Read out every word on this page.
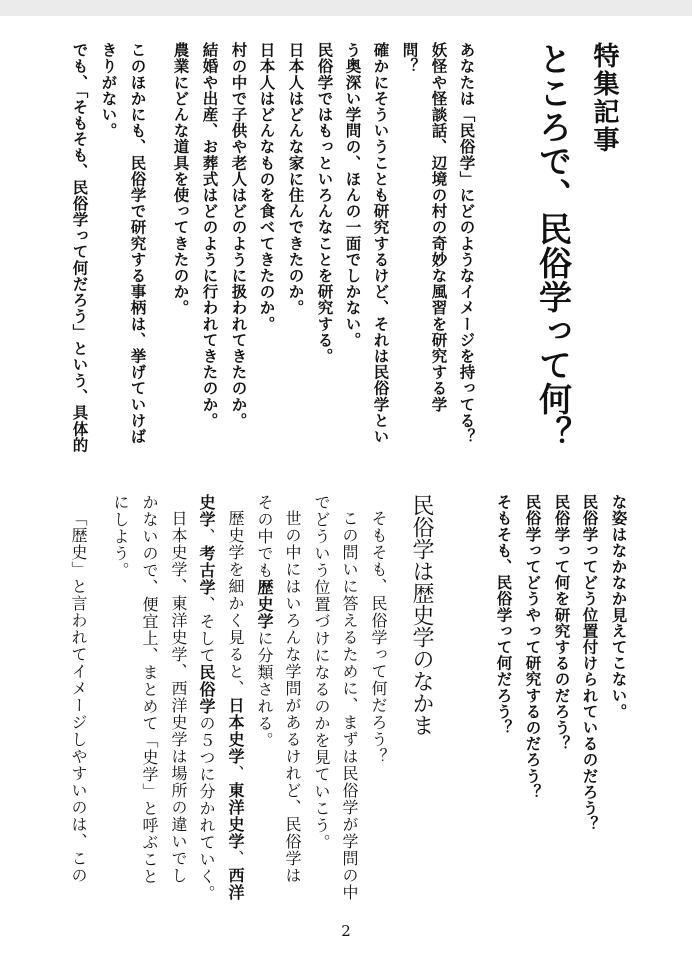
特集記事
ところで、民俗学って何？
あなたは「民俗学」にどのようなイメージを持ってる？
妖怪や怪談話、辺境の村の奇妙な風習を研究する学
問？
確かにそういうことも研究するけど、それは民俗学とい
う奥深い学問の、ほんの一面でしかない。
民俗学ではもっといろんなことを研究する。
日本人はどんな家に住んできたのか。
日本人はどんなものを食べてきたのか。
村の中で子供や老人はどのように扱われてきたのか。
結婚や出産、お葬式はどのように行われてきたのか。
農業にどんな道具を使ってきたのか。
このほかにも、民俗学で研究する事柄は、挙げていけば
きりがない。
でも、「そもそも、民俗学って何だろう」という、具体的
な姿はなかなか見えてこない。
民俗学ってどう位置付けられているのだろう？
民俗学って何を研究するのだろう？
民俗学ってどうやって研究するのだろう？
そもそも、民俗学って何だろう？
民俗学は歴史学のなかま
そもそも、民俗学って何だろう？
この問いに答えるために、まずは民俗学が学問の中
でどういう位置づけになるのかを見ていこう。
世の中にはいろんな学問があるけれど、民俗学は
その中でも歴史学に分類される。
歴史学を細かく見ると、日本史学、東洋史学、西洋
史学、考古学、そして民俗学の５つに分かれていく。
日本史学、東洋史学、西洋史学は場所の違いでし
かないので、便宜上、まとめて「史学」と呼ぶこと
にしよう。
「歴史」と言われてイメージしやすいのは、この
2
